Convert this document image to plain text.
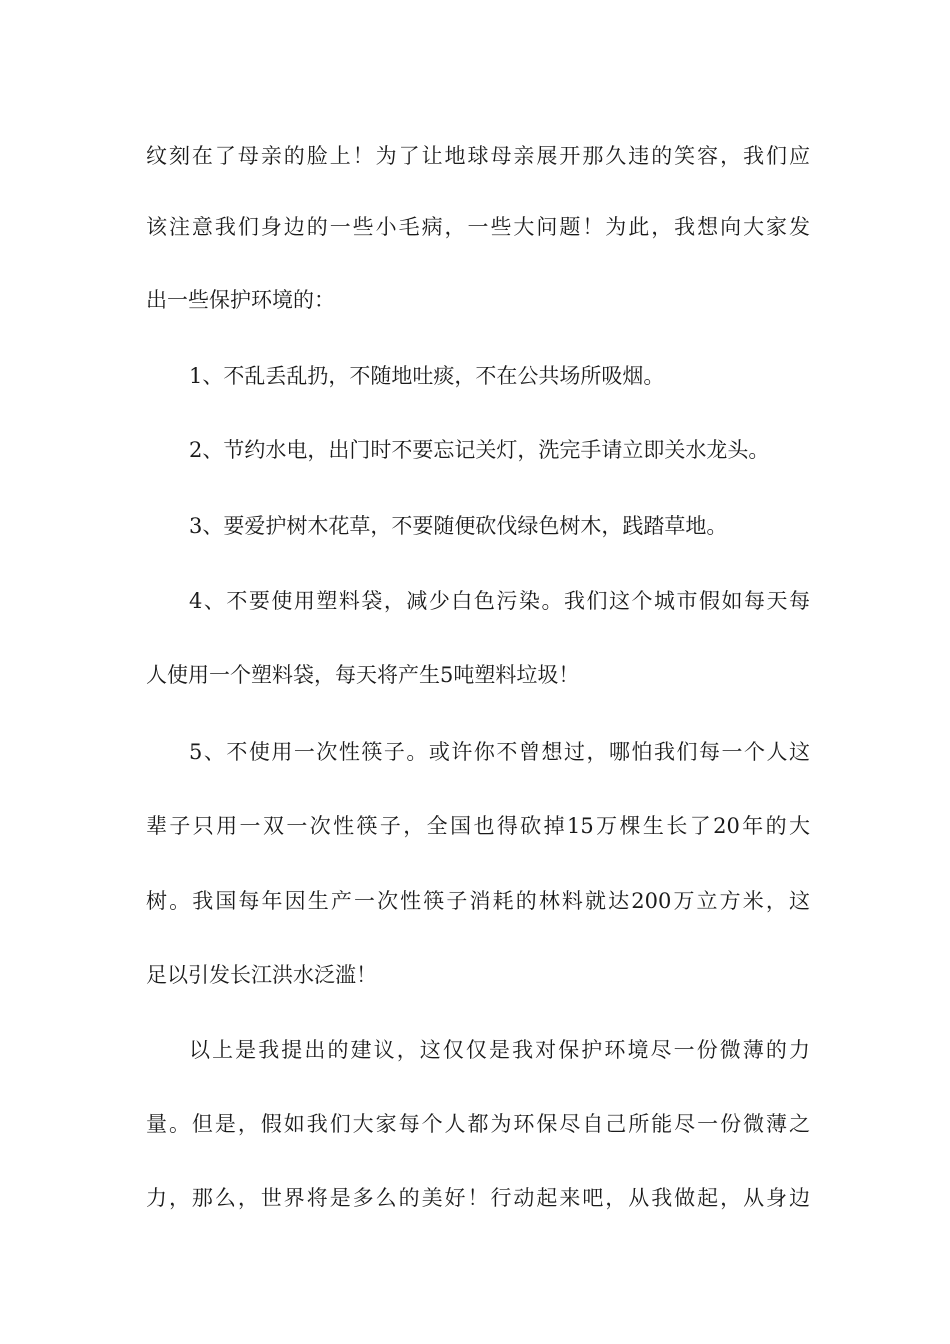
纹刻在了母亲的脸上！为了让地球母亲展开那久违的笑容，我们应
该注意我们身边的一些小毛病，一些大问题！为此，我想向大家发
出一些保护环境的：
1、不乱丢乱扔，不随地吐痰，不在公共场所吸烟。
2、节约水电，出门时不要忘记关灯，洗完手请立即关水龙头。
3、要爱护树木花草，不要随便砍伐绿色树木，践踏草地。
4、不要使用塑料袋，减少白色污染。我们这个城市假如每天每
人使用一个塑料袋，每天将产生5吨塑料垃圾！
5、不使用一次性筷子。或许你不曾想过，哪怕我们每一个人这
辈子只用一双一次性筷子，全国也得砍掉15万棵生长了20年的大
树。我国每年因生产一次性筷子消耗的林料就达200万立方米，这
足以引发长江洪水泛滥！
以上是我提出的建议，这仅仅是我对保护环境尽一份微薄的力
量。但是，假如我们大家每个人都为环保尽自己所能尽一份微薄之
力，那么，世界将是多么的美好！行动起来吧，从我做起，从身边
